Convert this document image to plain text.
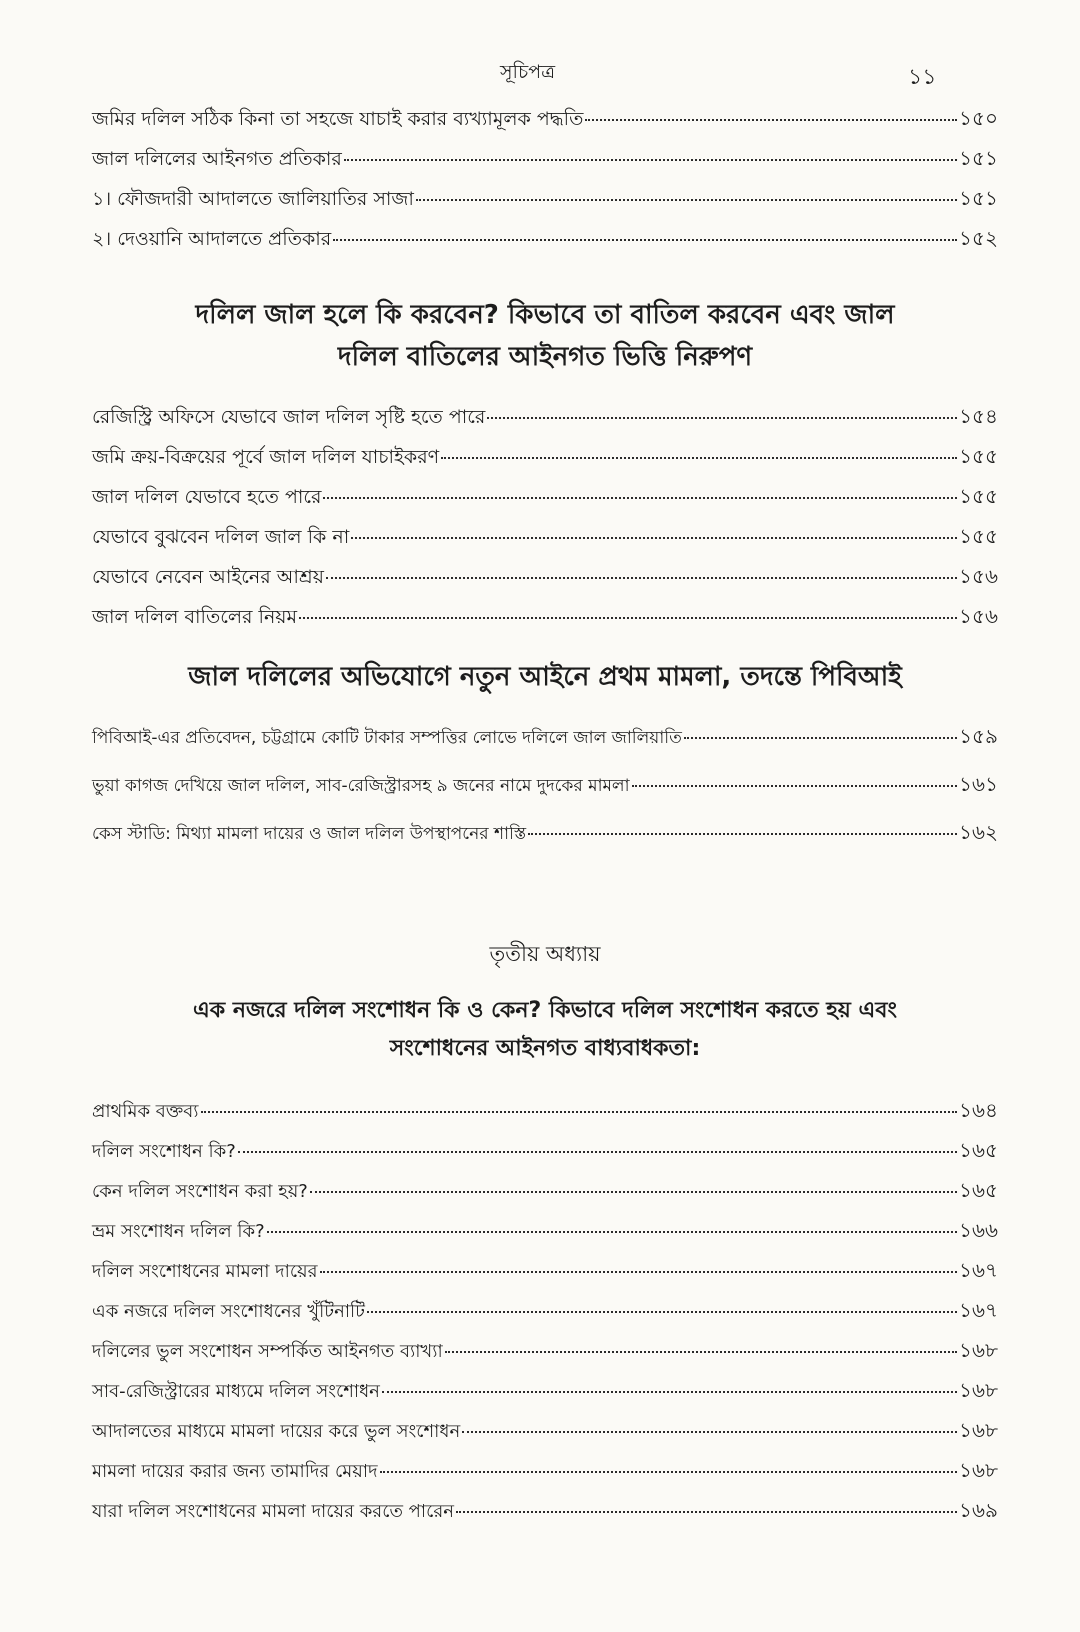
সূচিপত্র	১১
জমির দলিল সঠিক কিনা তা সহজে যাচাই করার ব্যখ্যামূলক পদ্ধতি	১৫০
জাল দলিলের আইনগত প্রতিকার	১৫১
১। ফৌজদারী আদালতে জালিয়াতির সাজা	১৫১
২। দেওয়ানি আদালতে প্রতিকার	১৫২
দলিল জাল হলে কি করবেন? কিভাবে তা বাতিল করবেন এবং জাল
দলিল বাতিলের আইনগত ভিত্তি নিরুপণ
রেজিস্ট্রি অফিসে যেভাবে জাল দলিল সৃষ্টি হতে পারে	১৫৪
জমি ক্রয়-বিক্রয়ের পূর্বে জাল দলিল যাচাইকরণ	১৫৫
জাল দলিল যেভাবে হতে পারে	১৫৫
যেভাবে বুঝবেন দলিল জাল কি না	১৫৫
যেভাবে নেবেন আইনের আশ্রয়	১৫৬
জাল দলিল বাতিলের নিয়ম	১৫৬
জাল দলিলের অভিযোগে নতুন আইনে প্রথম মামলা, তদন্তে পিবিআই
পিবিআই-এর প্রতিবেদন, চট্টগ্রামে কোটি টাকার সম্পত্তির লোভে দলিলে জাল জালিয়াতি	১৫৯
ভুয়া কাগজ দেখিয়ে জাল দলিল, সাব-রেজিস্ট্রারসহ ৯ জনের নামে দুদকের মামলা	১৬১
কেস স্টাডি: মিথ্যা মামলা দায়ের ও জাল দলিল উপস্থাপনের শাস্তি	১৬২
তৃতীয় অধ্যায়
এক নজরে দলিল সংশোধন কি ও কেন? কিভাবে দলিল সংশোধন করতে হয় এবং
সংশোধনের আইনগত বাধ্যবাধকতা:
প্রাথমিক বক্তব্য	১৬৪
দলিল সংশোধন কি?	১৬৫
কেন দলিল সংশোধন করা হয়?	১৬৫
ভ্রম সংশোধন দলিল কি?	১৬৬
দলিল সংশোধনের মামলা দায়ের	১৬৭
এক নজরে দলিল সংশোধনের খুঁটিনাটি	১৬৭
দলিলের ভুল সংশোধন সম্পর্কিত আইনগত ব্যাখ্যা	১৬৮
সাব-রেজিস্ট্রারের মাধ্যমে দলিল সংশোধন	১৬৮
আদালতের মাধ্যমে মামলা দায়ের করে ভুল সংশোধন	১৬৮
মামলা দায়ের করার জন্য তামাদির মেয়াদ	১৬৮
যারা দলিল সংশোধনের মামলা দায়ের করতে পারেন	১৬৯
